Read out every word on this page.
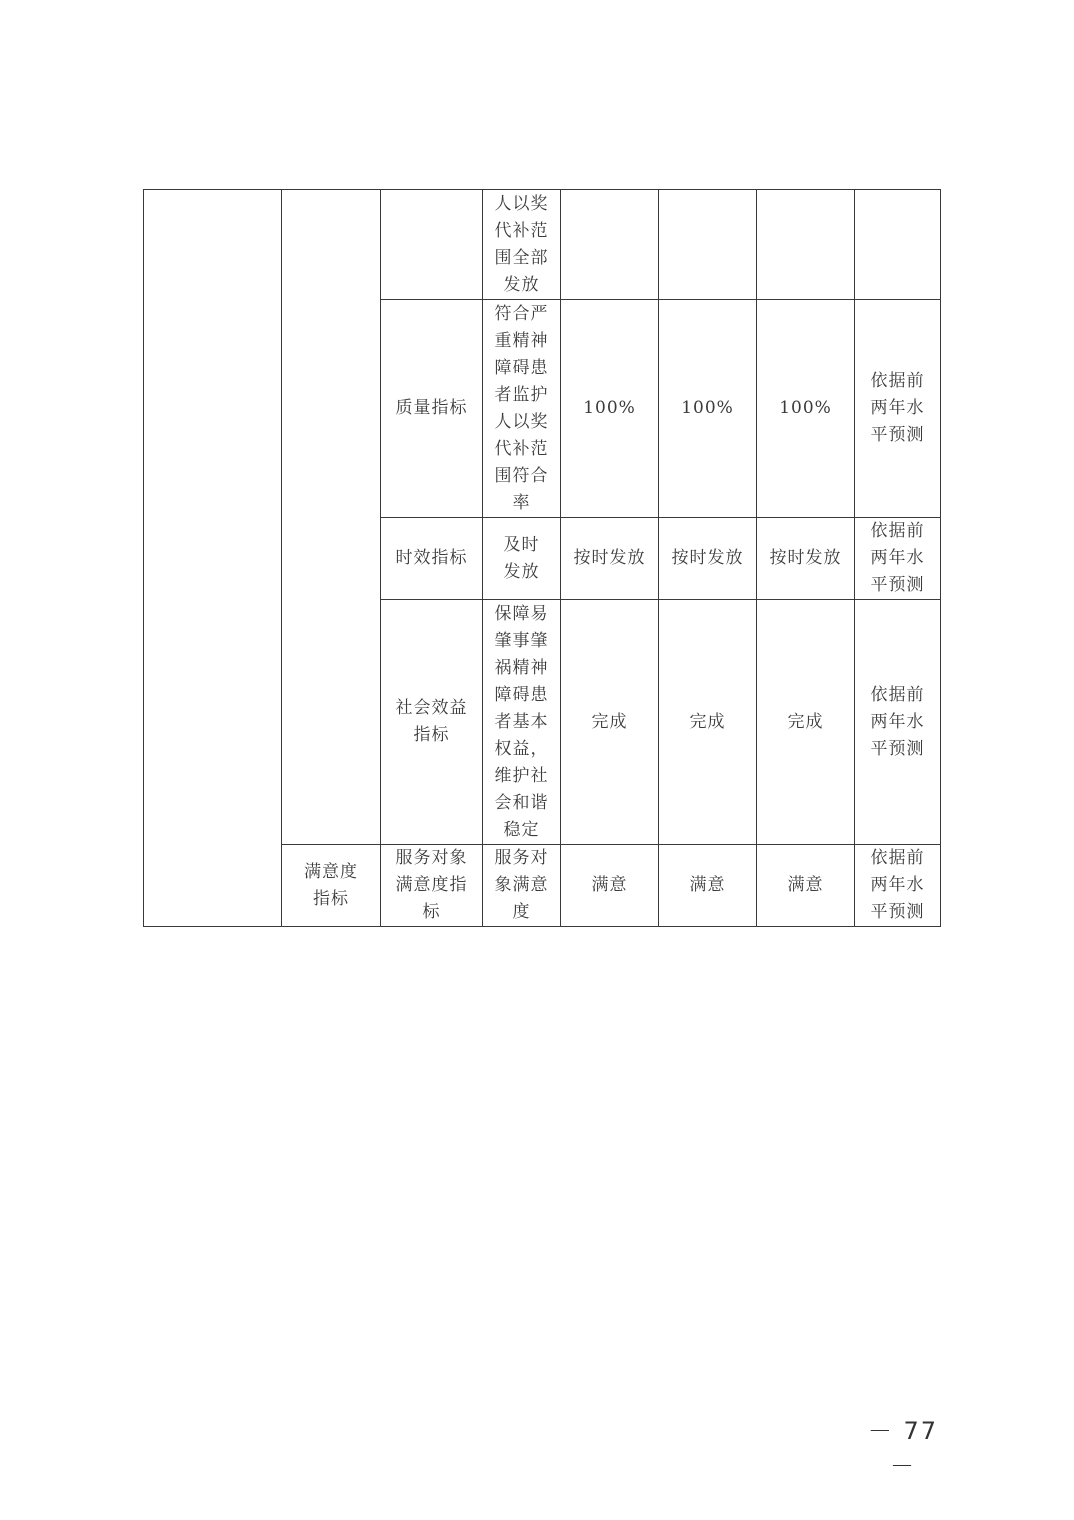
			人以奖代补范围全部发放				

		质量指标	符合严重精神障碍患者监护人以奖代补范围符合率	100%	100%	100%	依据前两年水平预测

		时效指标	及时发放	按时发放	按时发放	按时发放	依据前两年水平预测

		社会效益指标	保障易肇事肇祸精神障碍患者基本权益，维护社会和谐稳定	完成	完成	完成	依据前两年水平预测

	满意度指标	服务对象满意度指标	服务对象满意度	满意	满意	满意	依据前两年水平预测
－ 77 －
